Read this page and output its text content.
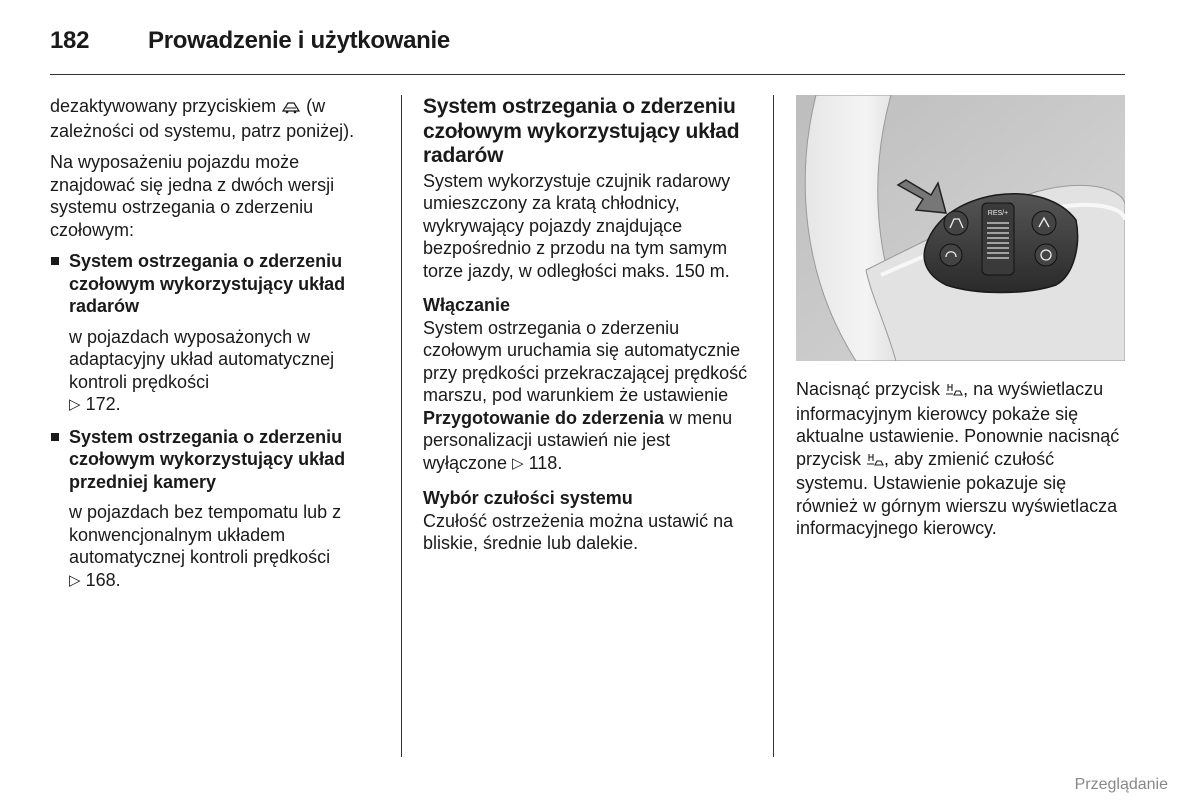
182 Prowadzenie i użytkowanie

dezaktywowany przyciskiem (w zależności od systemu, patrz poniżej).

Na wyposażeniu pojazdu może znajdować się jedna z dwóch wersji systemu ostrzegania o zderzeniu czołowym:

System ostrzegania o zderzeniu czołowym wykorzystujący układ radarów

w pojazdach wyposażonych w adaptacyjny układ automatycznej kontroli prędkości
▷ 172.

System ostrzegania o zderzeniu czołowym wykorzystujący układ przedniej kamery

w pojazdach bez tempomatu lub z konwencjonalnym układem automatycznej kontroli prędkości
▷ 168.

System ostrzegania o zderzeniu czołowym wykorzystujący układ radarów

System wykorzystuje czujnik radarowy umieszczony za kratą chłodnicy, wykrywający pojazdy znajdujące bezpośrednio z przodu na tym samym torze jazdy, w odległości maks. 150 m.

Włączanie

System ostrzegania o zderzeniu czołowym uruchamia się automatycznie przy prędkości przekraczającej prędkość marszu, pod warunkiem że ustawienie Przygotowanie do zderzenia w menu personalizacji ustawień nie jest wyłączone ▷ 118.

Wybór czułości systemu

Czułość ostrzeżenia można ustawić na bliskie, średnie lub dalekie.

RES/+

Nacisnąć przycisk , na wyświetlaczu informacyjnym kierowcy pokaże się aktualne ustawienie. Ponownie nacisnąć przycisk , aby zmienić czułość systemu. Ustawienie pokazuje się również w górnym wierszu wyświetlacza informacyjnego kierowcy.

Przeglądanie
